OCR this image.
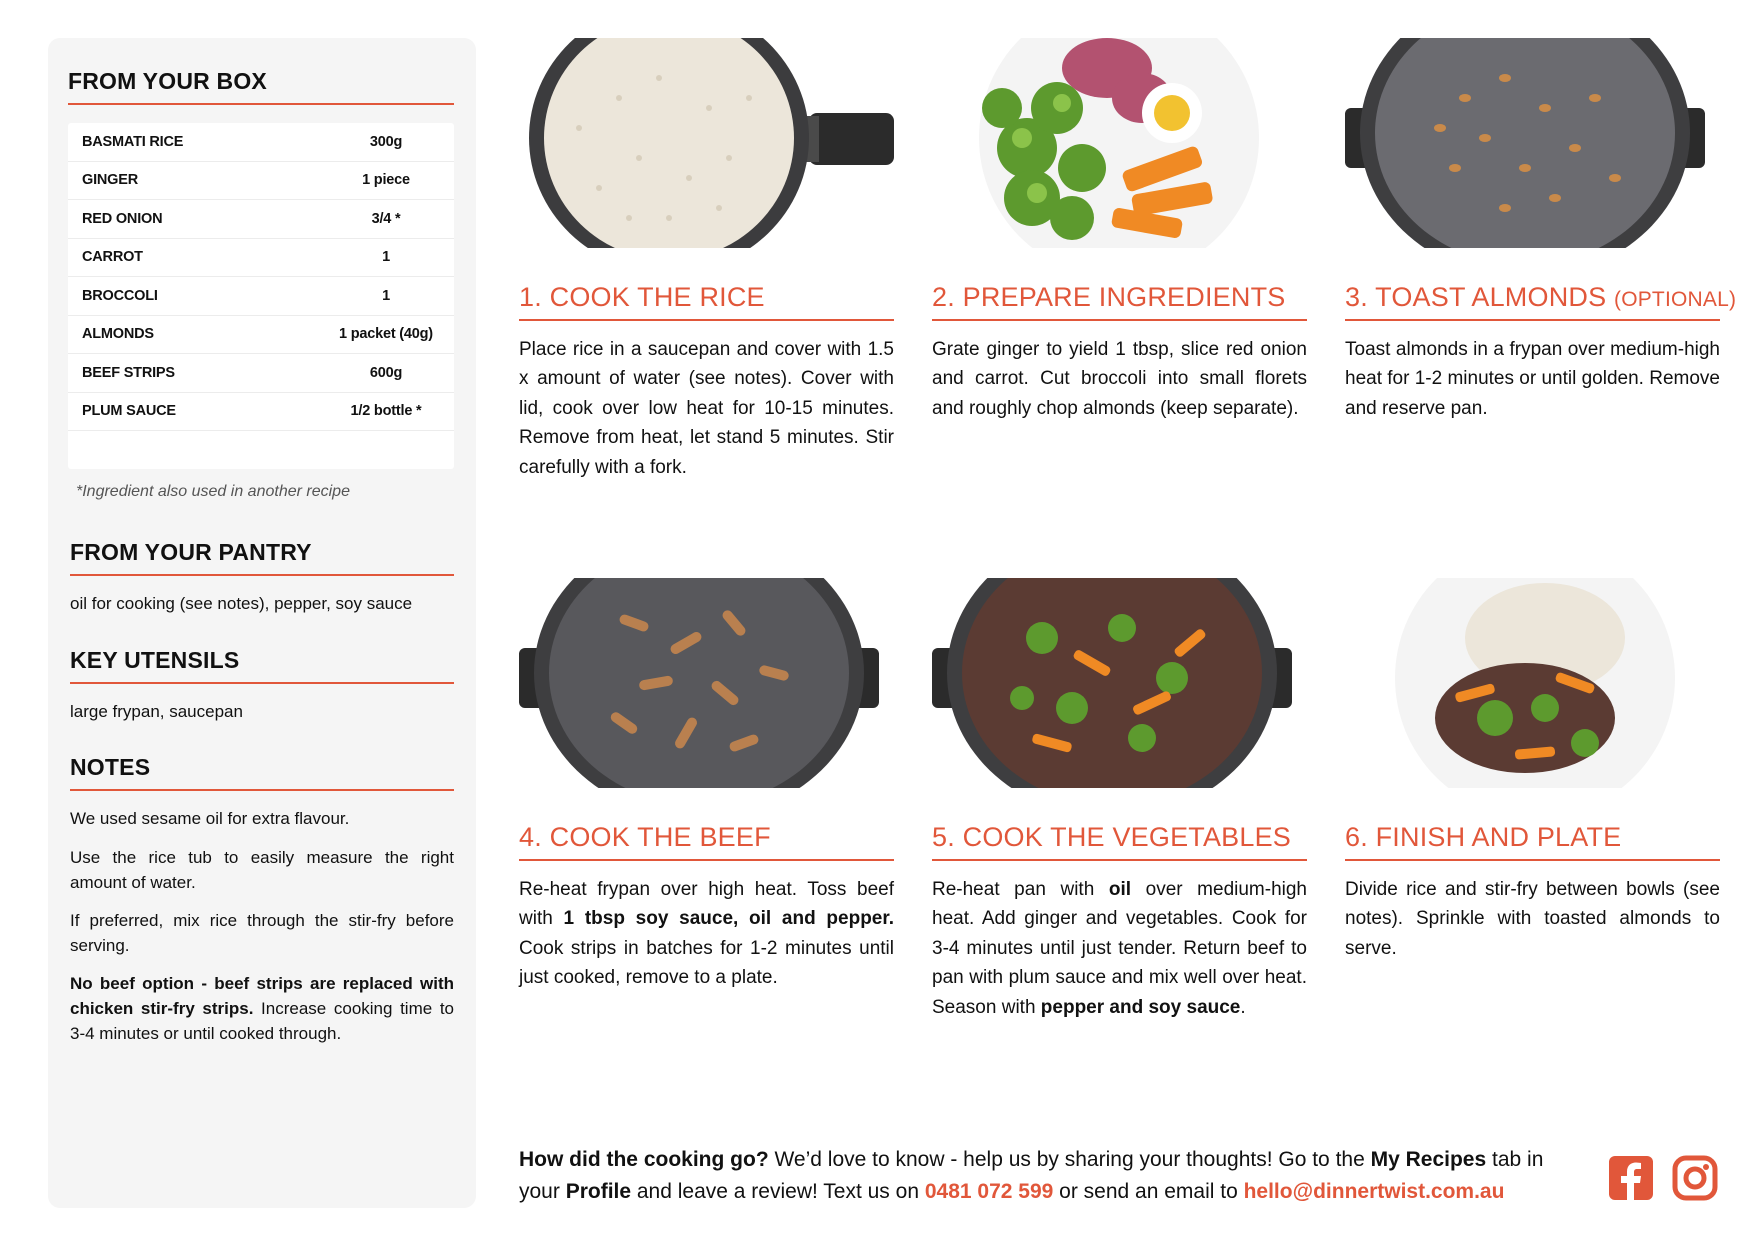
FROM YOUR BOX
BASMATI RICE	300g
GINGER	1 piece
RED ONION	3/4 *
CARROT	1
BROCCOLI	1
ALMONDS	1 packet (40g)
BEEF STRIPS	600g
PLUM SAUCE	1/2 bottle *
*Ingredient also used in another recipe
FROM YOUR PANTRY
oil for cooking (see notes), pepper, soy sauce
KEY UTENSILS
large frypan, saucepan
NOTES

We used sesame oil for extra flavour.

Use the rice tub to easily measure the right amount of water.

If preferred, mix rice through the stir-fry before serving.

No beef option - beef strips are replaced with chicken stir-fry strips. Increase cooking time to 3-4 minutes or until cooked through.

1. COOK THE RICE
Place rice in a saucepan and cover with 1.5 x amount of water (see notes). Cover with lid, cook over low heat for 10-15 minutes. Remove from heat, let stand 5 minutes. Stir carefully with a fork.
2. PREPARE INGREDIENTS
Grate ginger to yield 1 tbsp, slice red onion and carrot. Cut broccoli into small florets and roughly chop almonds (keep separate).
3. TOAST ALMONDS (OPTIONAL)
Toast almonds in a frypan over medium-high heat for 1-2 minutes or until golden. Remove and reserve pan.
4. COOK THE BEEF
Re-heat frypan over high heat. Toss beef with 1 tbsp soy sauce, oil and pepper. Cook strips in batches for 1-2 minutes until just cooked, remove to a plate.
5. COOK THE VEGETABLES
Re-heat pan with oil over medium-high heat. Add ginger and vegetables. Cook for 3-4 minutes until just tender. Return beef to pan with plum sauce and mix well over heat. Season with pepper and soy sauce.
6. FINISH AND PLATE
Divide rice and stir-fry between bowls (see notes). Sprinkle with toasted almonds to serve.
How did the cooking go? We’d love to know - help us by sharing your thoughts! Go to the My Recipes tab in your Profile and leave a review! Text us on 0481 072 599 or send an email to hello@dinnertwist.com.au
